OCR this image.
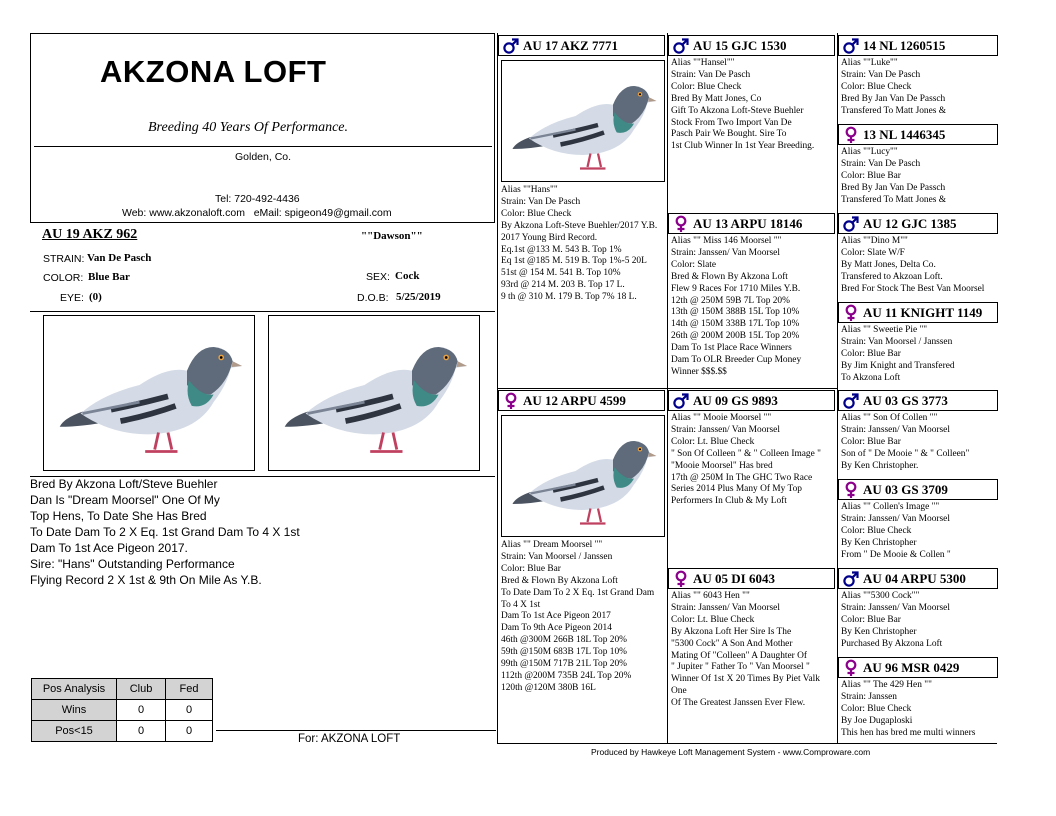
AKZONA LOFT
Breeding 40 Years Of Performance.
Golden, Co.
Tel: 720-492-4436
Web: www.akzonaloft.com eMail: spigeon49@gmail.com
AU 19 AKZ 962	""Dawson""
STRAIN: Van De Pasch
COLOR: Blue Bar	SEX: Cock
EYE: (0)	D.O.B: 5/25/2019
Bred By Akzona Loft/Steve Buehler
Dan Is "Dream Moorsel" One Of My
Top Hens, To Date She Has Bred
To Date Dam To 2 X Eq. 1st Grand Dam To 4 X 1st
Dam To 1st Ace Pigeon 2017.
Sire: "Hans" Outstanding Performance
Flying Record 2 X 1st & 9th On Mile As Y.B.
Pos Analysis	Club	Fed
Wins	0	0
Pos<15	0	0
For: AKZONA LOFT
AU 17 AKZ 7771
Alias ""Hans""
Strain: Van De Pasch
Color: Blue Check
By Akzona Loft-Steve Buehler/2017 Y.B.
2017 Young Bird Record.
Eq.1st @133 M. 543 B. Top 1%
Eq 1st @185 M. 519 B. Top 1%-5 20L
51st @ 154 M. 541 B. Top 10%
93rd @ 214 M. 203 B. Top 17 L.
9 th @ 310 M. 179 B. Top 7% 18 L.
AU 12 ARPU 4599
Alias "" Dream Moorsel ""
Strain: Van Moorsel / Janssen
Color: Blue Bar
Bred & Flown By Akzona Loft
To Date Dam To 2 X Eq. 1st Grand Dam
To 4 X 1st
Dam To 1st Ace Pigeon 2017
Dam To 9th Ace Pigeon 2014
46th @300M 266B 18L Top 20%
59th @150M 683B 17L Top 10%
99th @150M 717B 21L Top 20%
112th @200M 735B 24L Top 20%
120th @120M 380B 16L
AU 15 GJC 1530
Alias ""Hansel""
Strain: Van De Pasch
Color: Blue Check
Bred By Matt Jones, Co
Gift To Akzona Loft-Steve Buehler
Stock From Two Import Van De
Pasch Pair We Bought. Sire To
1st Club Winner In 1st Year Breeding.
AU 13 ARPU 18146
Alias "" Miss 146 Moorsel ""
Strain: Janssen/ Van Moorsel
Color: Slate
Bred & Flown By Akzona Loft
Flew 9 Races For 1710 Miles Y.B.
12th @ 250M 59B 7L Top 20%
13th @ 150M 388B 15L Top 10%
14th @ 150M 338B 17L Top 10%
26th @ 200M 200B 15L Top 20%
Dam To 1st Place Race Winners
Dam To OLR Breeder Cup Money
Winner $$$.$$
AU 09 GS 9893
Alias "" Mooie Moorsel ""
Strain: Janssen/ Van Moorsel
Color: Lt. Blue Check
" Son Of Colleen " & " Colleen Image "
"Mooie Moorsel" Has bred
17th @ 250M In The GHC Two Race
Series 2014 Plus Many Of My Top
Performers In Club & My Loft
AU 05 DI 6043
Alias "" 6043 Hen ""
Strain: Janssen/ Van Moorsel
Color: Lt. Blue Check
By Akzona Loft Her Sire Is The
"5300 Cock" A Son And Mother
Mating Of "Colleen" A Daughter Of
" Jupiter " Father To " Van Moorsel "
Winner Of 1st X 20 Times By Piet Valk
One
Of The Greatest Janssen Ever Flew.
14 NL 1260515
Alias ""Luke""
Strain: Van De Pasch
Color: Blue Check
Bred By Jan Van De Passch
Transfered To Matt Jones &
13 NL 1446345
Alias ""Lucy""
Strain: Van De Pasch
Color: Blue Bar
Bred By Jan Van De Passch
Transfered To Matt Jones &
AU 12 GJC 1385
Alias ""Dino M""
Color: Slate W/F
By Matt Jones, Delta Co.
Transfered to Akzoan Loft.
Bred For Stock The Best Van Moorsel
AU 11 KNIGHT 1149
Alias "" Sweetie Pie ""
Strain: Van Moorsel / Janssen
Color: Blue Bar
By Jim Knight and Transfered
To Akzona Loft
AU 03 GS 3773
Alias "" Son Of Collen ""
Strain: Janssen/ Van Moorsel
Color: Blue Bar
Son of " De Mooie " & " Colleen"
By Ken Christopher.
AU 03 GS 3709
Alias "" Collen's Image ""
Strain: Janssen/ Van Moorsel
Color: Blue Check
By Ken Christopher
From " De Mooie & Collen "
AU 04 ARPU 5300
Alias ""5300 Cock""
Strain: Janssen/ Van Moorsel
Color: Blue Bar
By Ken Christopher
Purchased By Akzona Loft
AU 96 MSR 0429
Alias "" The 429 Hen ""
Strain: Janssen
Color: Blue Check
By Joe Dugaploski
This hen has bred me multi winners
Produced by Hawkeye Loft Management System - www.Comproware.com
